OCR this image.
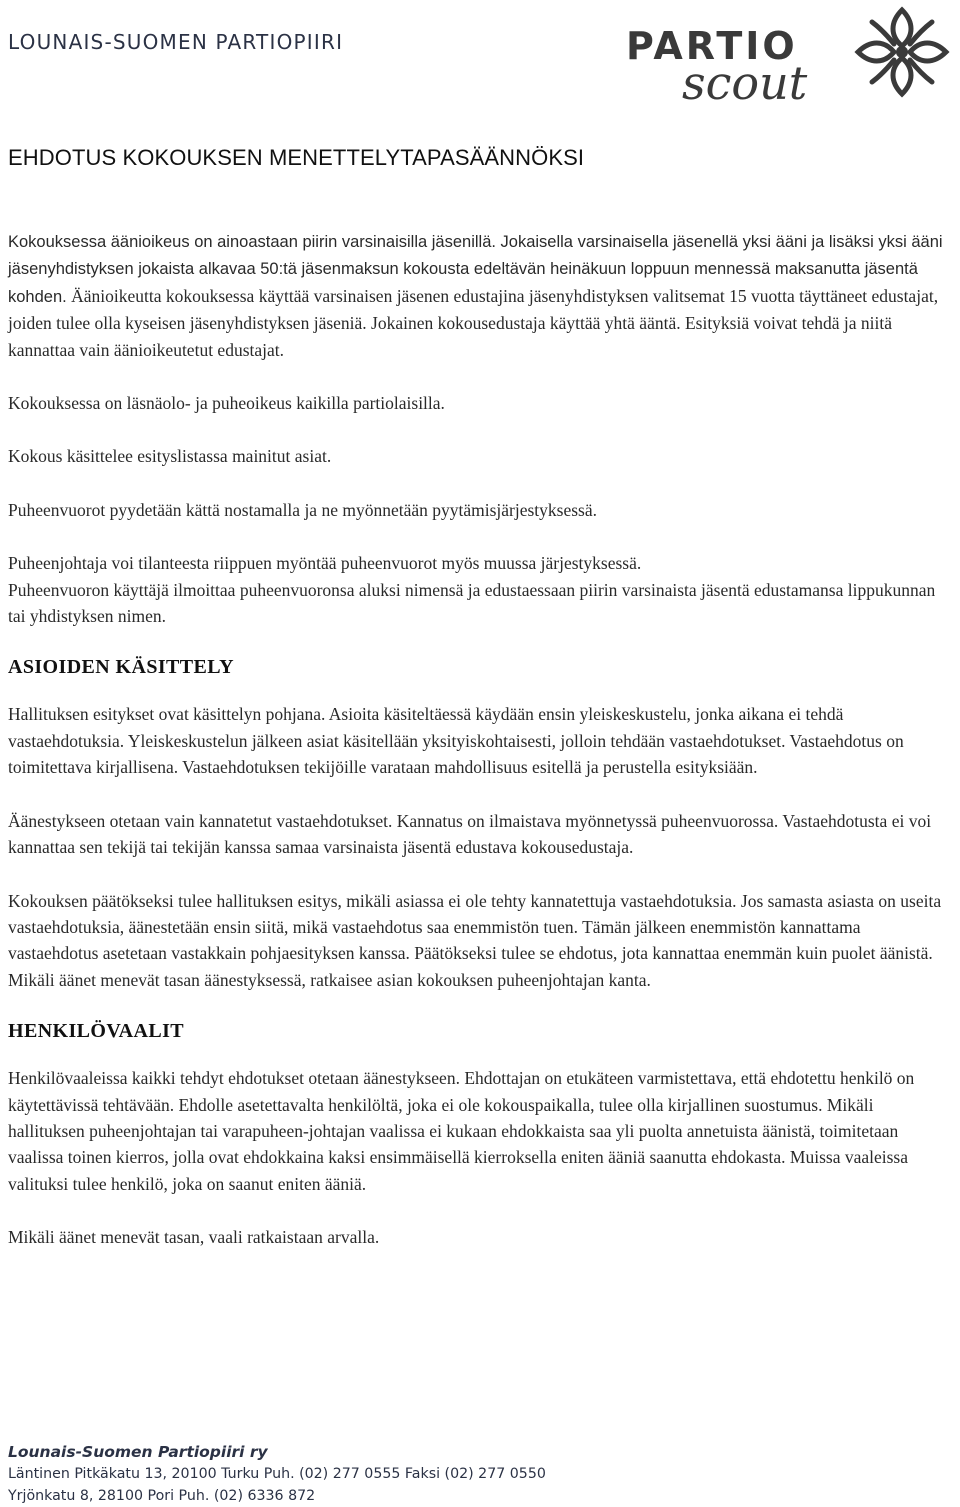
LOUNAIS-SUOMEN PARTIOPIIRI	PARTIO
scout
EHDOTUS KOKOUKSEN MENETTELYTAPASÄÄNNÖKSI

Kokouksessa äänioikeus on ainoastaan piirin varsinaisilla jäsenillä. Jokaisella varsinaisella jäsenellä yksi ääni ja lisäksi yksi ääni jäsenyhdistyksen jokaista alkavaa 50:tä jäsenmaksun kokousta edeltävän heinäkuun loppuun mennessä maksanutta jäsentä kohden. Äänioikeutta kokouksessa käyttää varsinaisen jäsenen edustajina jäsenyhdistyksen valitsemat 15 vuotta täyttäneet edustajat, joiden tulee olla kyseisen jäsenyhdistyksen jäseniä. Jokainen kokousedustaja käyttää yhtä ääntä. Esityksiä voivat tehdä ja niitä kannattaa vain äänioikeutetut edustajat.

Kokouksessa on läsnäolo- ja puheoikeus kaikilla partiolaisilla.

Kokous käsittelee esityslistassa mainitut asiat.

Puheenvuorot pyydetään kättä nostamalla ja ne myönnetään pyytämisjärjestyksessä.

Puheenjohtaja voi tilanteesta riippuen myöntää puheenvuorot myös muussa järjestyksessä.

Puheenvuoron käyttäjä ilmoittaa puheenvuoronsa aluksi nimensä ja edustaessaan piirin varsinaista jäsentä edustamansa lippukunnan tai yhdistyksen nimen.

ASIOIDEN KÄSITTELY

Hallituksen esitykset ovat käsittelyn pohjana. Asioita käsiteltäessä käydään ensin yleiskeskustelu, jonka aikana ei tehdä vastaehdotuksia. Yleiskeskustelun jälkeen asiat käsitellään yksityiskohtaisesti, jolloin tehdään vastaehdotukset. Vastaehdotus on toimitettava kirjallisena. Vastaehdotuksen tekijöille varataan mahdollisuus esitellä ja perustella esityksiään.

Äänestykseen otetaan vain kannatetut vastaehdotukset. Kannatus on ilmaistava myönnetyssä puheenvuorossa. Vastaehdotusta ei voi kannattaa sen tekijä tai tekijän kanssa samaa varsinaista jäsentä edustava kokousedustaja.

Kokouksen päätökseksi tulee hallituksen esitys, mikäli asiassa ei ole tehty kannatettuja vastaehdotuksia. Jos samasta asiasta on useita vastaehdotuksia, äänestetään ensin siitä, mikä vastaehdotus saa enemmistön tuen. Tämän jälkeen enemmistön kannattama vastaehdotus asetetaan vastakkain pohjaesityksen kanssa. Päätökseksi tulee se ehdotus, jota kannattaa enemmän kuin puolet äänistä. Mikäli äänet menevät tasan äänestyksessä, ratkaisee asian kokouksen puheenjohtajan kanta.

HENKILÖVAALIT

Henkilövaaleissa kaikki tehdyt ehdotukset otetaan äänestykseen. Ehdottajan on etukäteen varmistettava, että ehdotettu henkilö on käytettävissä tehtävään. Ehdolle asetettavalta henkilöltä, joka ei ole kokouspaikalla, tulee olla kirjallinen suostumus. Mikäli hallituksen puheenjohtajan tai varapuheen-johtajan vaalissa ei kukaan ehdokkaista saa yli puolta annetuista äänistä, toimitetaan vaalissa toinen kierros, jolla ovat ehdokkaina kaksi ensimmäisellä kierroksella eniten ääniä saanutta ehdokasta. Muissa vaaleissa valituksi tulee henkilö, joka on saanut eniten ääniä.

Mikäli äänet menevät tasan, vaali ratkaistaan arvalla.

Lounais-Suomen Partiopiiri ry
Läntinen Pitkäkatu 13, 20100 Turku Puh. (02) 277 0555 Faksi (02) 277 0550
Yrjönkatu 8, 28100 Pori Puh. (02) 6336 872
